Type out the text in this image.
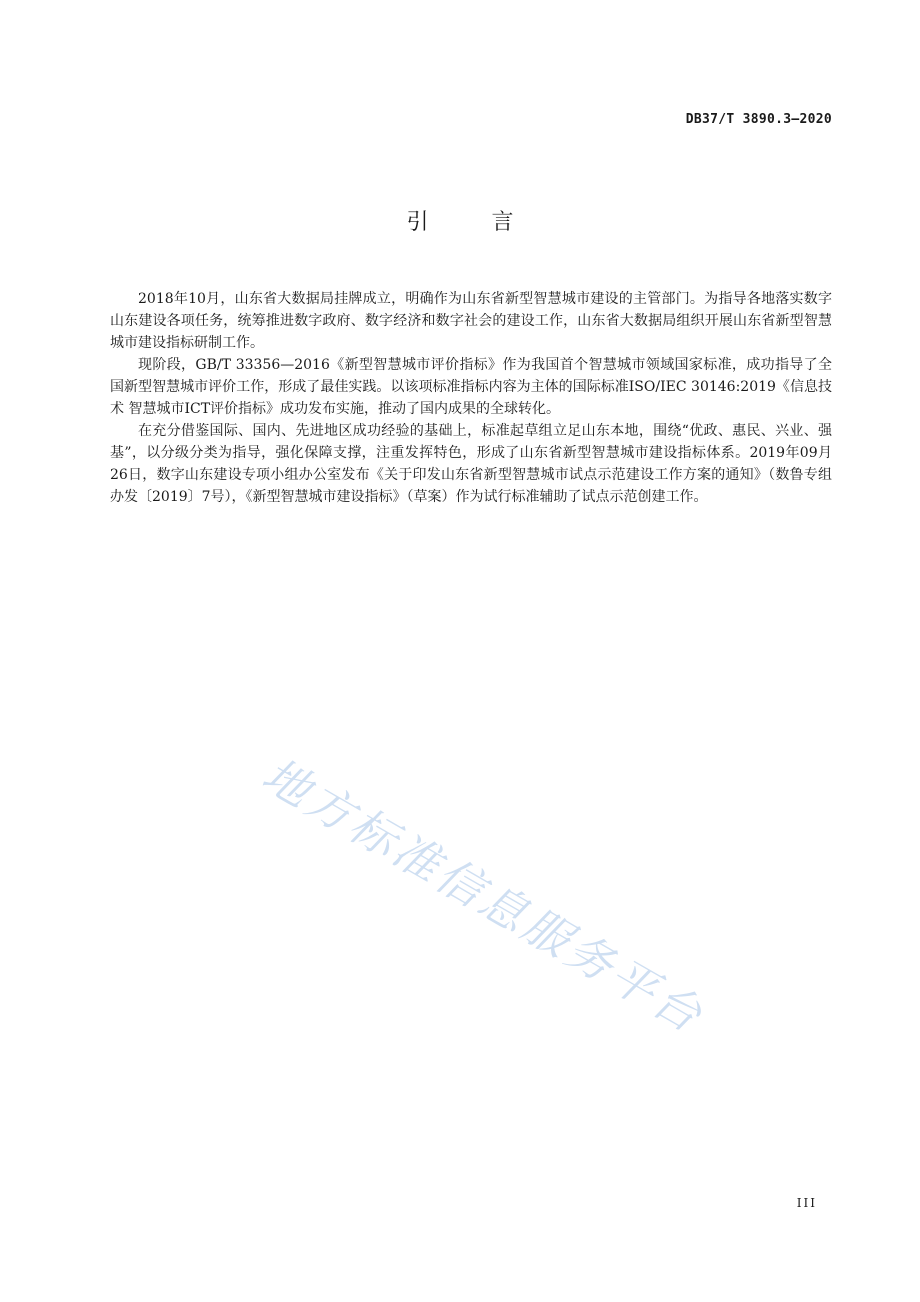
DB37/T 3890.3—2020
引 言

2018年10月，山东省大数据局挂牌成立，明确作为山东省新型智慧城市建设的主管部门。为指导各地落实数字山东建设各项任务，统筹推进数字政府、数字经济和数字社会的建设工作，山东省大数据局组织开展山东省新型智慧城市建设指标研制工作。

现阶段，GB/T 33356—2016《新型智慧城市评价指标》作为我国首个智慧城市领域国家标准，成功指导了全国新型智慧城市评价工作，形成了最佳实践。以该项标准指标内容为主体的国际标准ISO/IEC 30146:2019《信息技术 智慧城市ICT评价指标》成功发布实施，推动了国内成果的全球转化。

在充分借鉴国际、国内、先进地区成功经验的基础上，标准起草组立足山东本地，围绕“优政、惠民、兴业、强基”，以分级分类为指导，强化保障支撑，注重发挥特色，形成了山东省新型智慧城市建设指标体系。2019年09月26日，数字山东建设专项小组办公室发布《关于印发山东省新型智慧城市试点示范建设工作方案的通知》（数鲁专组办发〔2019〕7号），《新型智慧城市建设指标》（草案）作为试行标准辅助了试点示范创建工作。

地方标准信息服务平台
III
